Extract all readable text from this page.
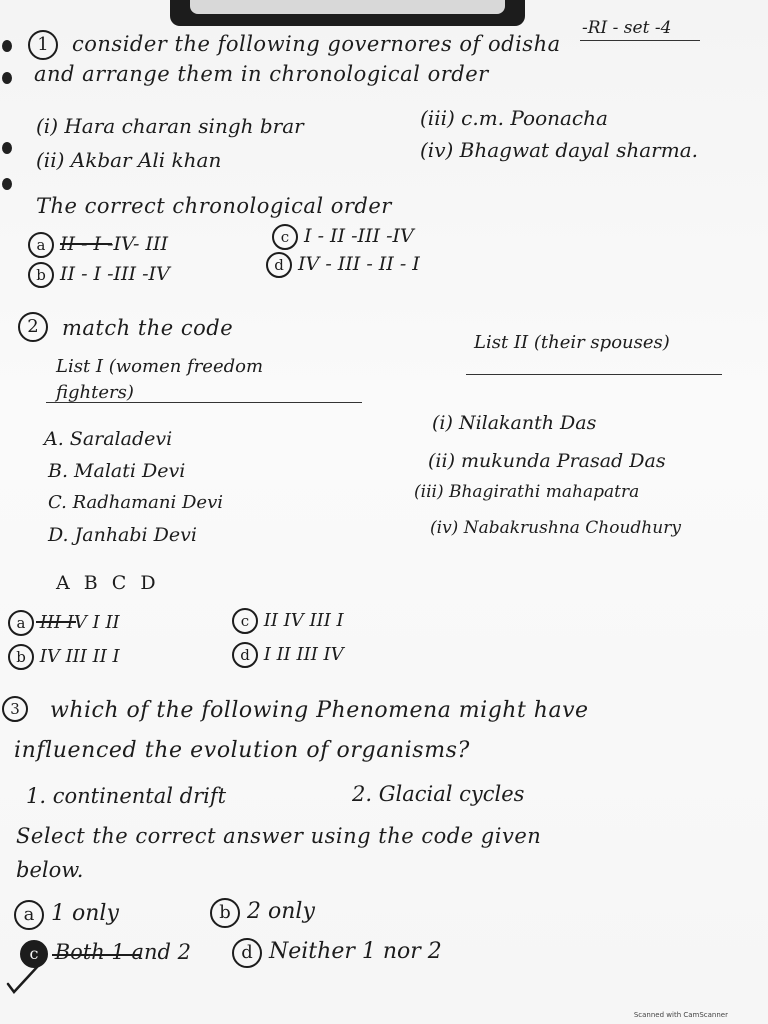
-RI - set -4
1	consider the following governores of odisha
and arrange them in chronological order
(i) Hara charan singh brar
(ii) Akbar Ali khan
(iii) c.m. Poonacha
(iv) Bhagwat dayal sharma.
The correct chronological order
a II - I -IV- III
b II - I -III -IV
c I - II -III -IV
d IV - III - II - I
2	match the code
List I (women freedom
fighters)
List II (their spouses)
A. Saraladevi
B. Malati Devi
C. Radhamani Devi
D. Janhabi Devi
(i) Nilakanth Das
(ii) mukunda Prasad Das
(iii) Bhagirathi mahapatra
(iv) Nabakrushna Choudhury
A B C D
a III IV I II
b IV III II I
c II IV III I
d I II III IV
3	which of the following Phenomena might have
influenced the evolution of organisms?
1. continental drift	2. Glacial cycles
Select the correct answer using the code given
below.
a 1 only	b 2 only
c Both 1 and 2	d Neither 1 nor 2
Scanned with CamScanner
